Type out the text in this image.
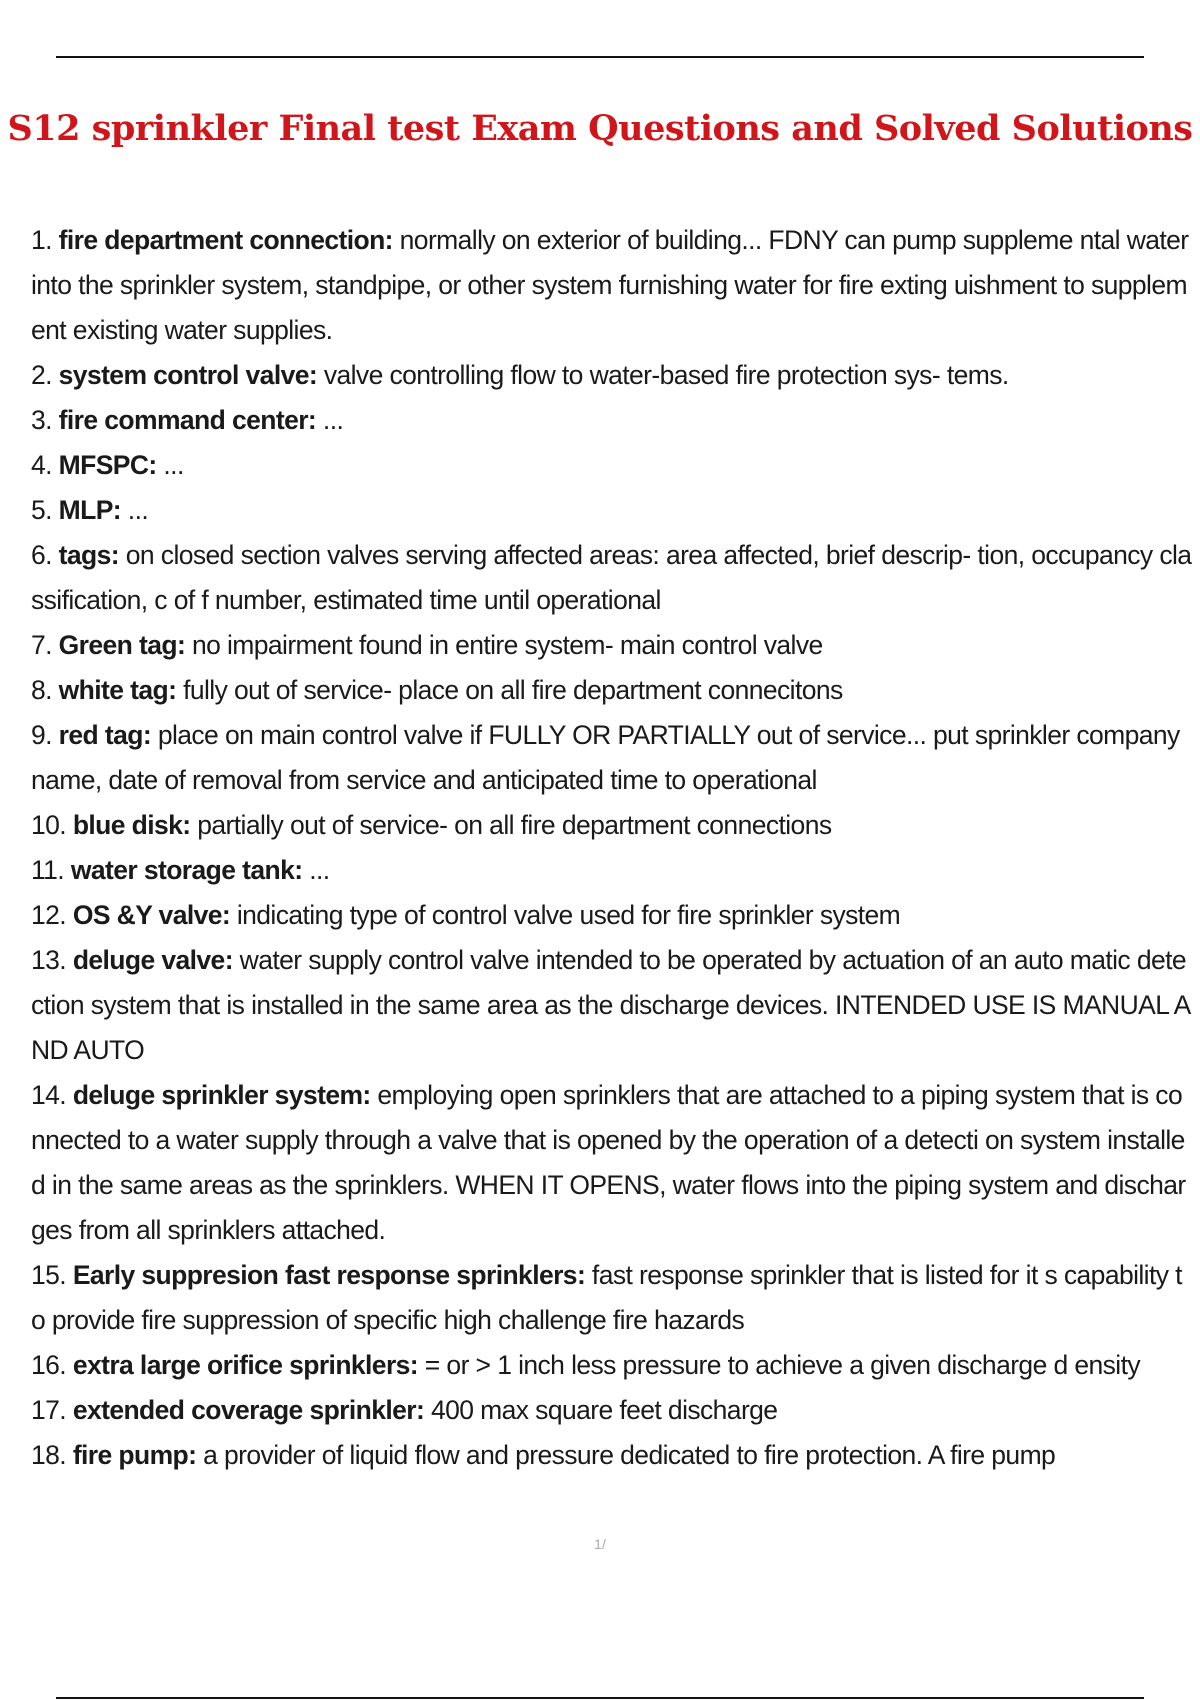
S12 sprinkler Final test Exam Questions and Solved Solutions
1. fire department connection: normally on exterior of building... FDNY can pump suppleme ntal water into the sprinkler system, standpipe, or other system furnishing water for fire exting uishment to supplement existing water supplies.
2. system control valve: valve controlling flow to water-based fire protection sys- tems.
3. fire command center: ...
4. MFSPC: ...
5. MLP: ...
6. tags: on closed section valves serving affected areas: area affected, brief descrip- tion, occupancy classification, c of f number, estimated time until operational
7. Green tag: no impairment found in entire system- main control valve
8. white tag: fully out of service- place on all fire department connecitons
9. red tag: place on main control valve if FULLY OR PARTIALLY out of service... put sprinkler company name, date of removal from service and anticipated time to operational
10. blue disk: partially out of service- on all fire department connections
11. water storage tank: ...
12. OS &Y valve: indicating type of control valve used for fire sprinkler system
13. deluge valve: water supply control valve intended to be operated by actuation of an auto matic detection system that is installed in the same area as the discharge devices. INTENDED USE IS MANUAL AND AUTO
14. deluge sprinkler system: employing open sprinklers that are attached to a piping system that is connected to a water supply through a valve that is opened by the operation of a detecti on system installed in the same areas as the sprinklers. WHEN IT OPENS, water flows into the piping system and discharges from all sprinklers attached.
15. Early suppresion fast response sprinklers: fast response sprinkler that is listed for it s capability to provide fire suppression of specific high challenge fire hazards
16. extra large orifice sprinklers: = or > 1 inch less pressure to achieve a given discharge d ensity
17. extended coverage sprinkler: 400 max square feet discharge
18. fire pump: a provider of liquid flow and pressure dedicated to fire protection. A fire pump
1/
